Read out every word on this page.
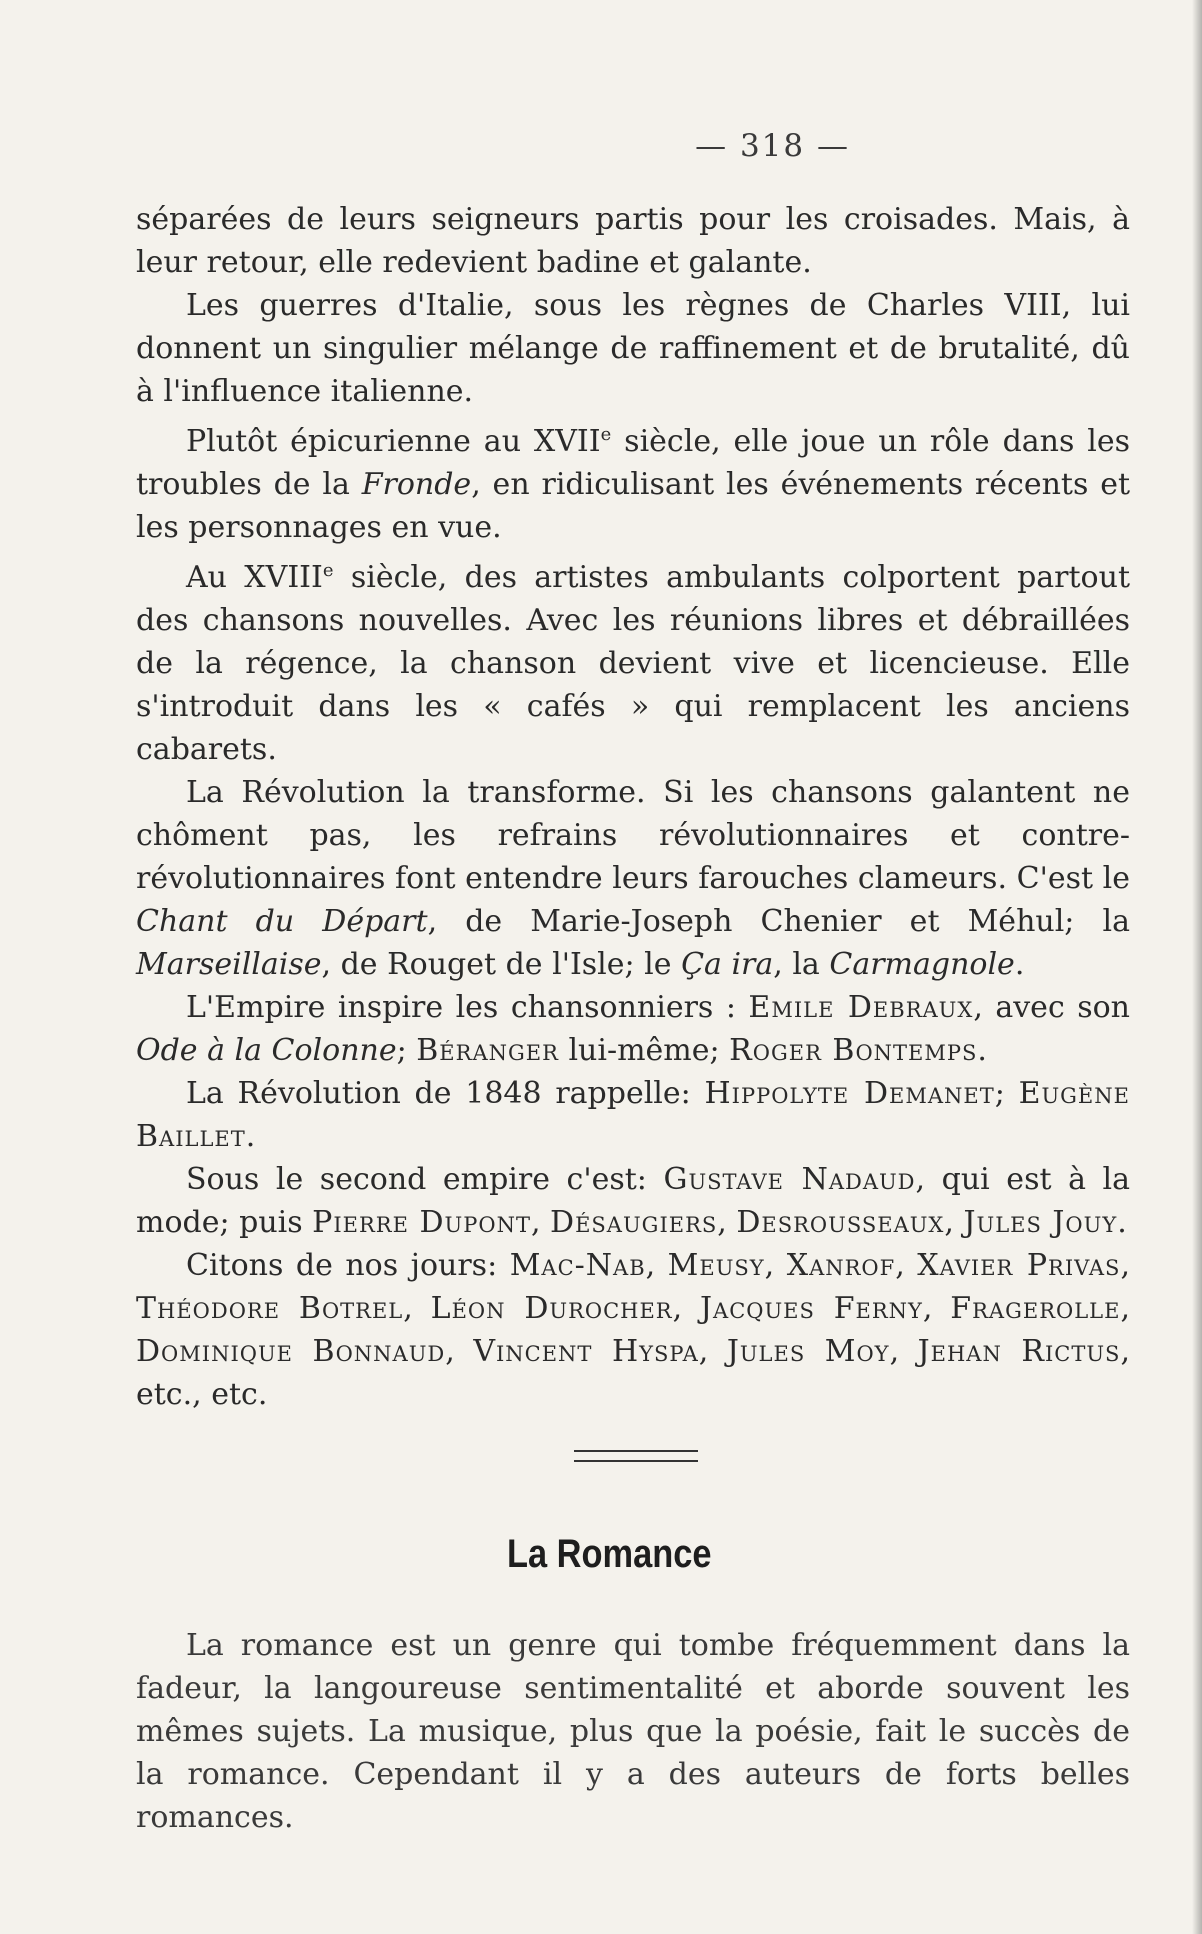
— 318 —

séparées de leurs seigneurs partis pour les croisades. Mais, à leur retour, elle redevient badine et galante.

Les guerres d'Italie, sous les règnes de Charles VIII, lui donnent un singulier mélange de raffinement et de brutalité, dû à l'influence italienne.

Plutôt épicurienne au XVIIe siècle, elle joue un rôle dans les troubles de la Fronde, en ridiculisant les événements récents et les personnages en vue.

Au XVIIIe siècle, des artistes ambulants colportent partout des chansons nouvelles. Avec les réunions libres et débraillées de la régence, la chanson devient vive et licencieuse. Elle s'introduit dans les « cafés » qui remplacent les anciens cabarets.

La Révolution la transforme. Si les chansons galantent ne chôment pas, les refrains révolutionnaires et contre-révolutionnaires font entendre leurs farouches clameurs. C'est le Chant du Départ, de Marie-Joseph Chenier et Méhul; la Marseillaise, de Rouget de l'Isle; le Ça ira, la Carmagnole.

L'Empire inspire les chansonniers : Emile Debraux, avec son Ode à la Colonne; Béranger lui-même; Roger Bontemps.

La Révolution de 1848 rappelle: Hippolyte Demanet; Eugène Baillet.

Sous le second empire c'est: Gustave Nadaud, qui est à la mode; puis Pierre Dupont, Désaugiers, Desrousseaux, Jules Jouy.

Citons de nos jours: Mac-Nab, Meusy, Xanrof, Xavier Privas, Théodore Botrel, Léon Durocher, Jacques Ferny, Fragerolle, Dominique Bonnaud, Vincent Hyspa, Jules Moy, Jehan Rictus, etc., etc.

La Romance

La romance est un genre qui tombe fréquemment dans la fadeur, la langoureuse sentimentalité et aborde souvent les mêmes sujets. La musique, plus que la poésie, fait le succès de la romance. Cependant il y a des auteurs de forts belles romances.
